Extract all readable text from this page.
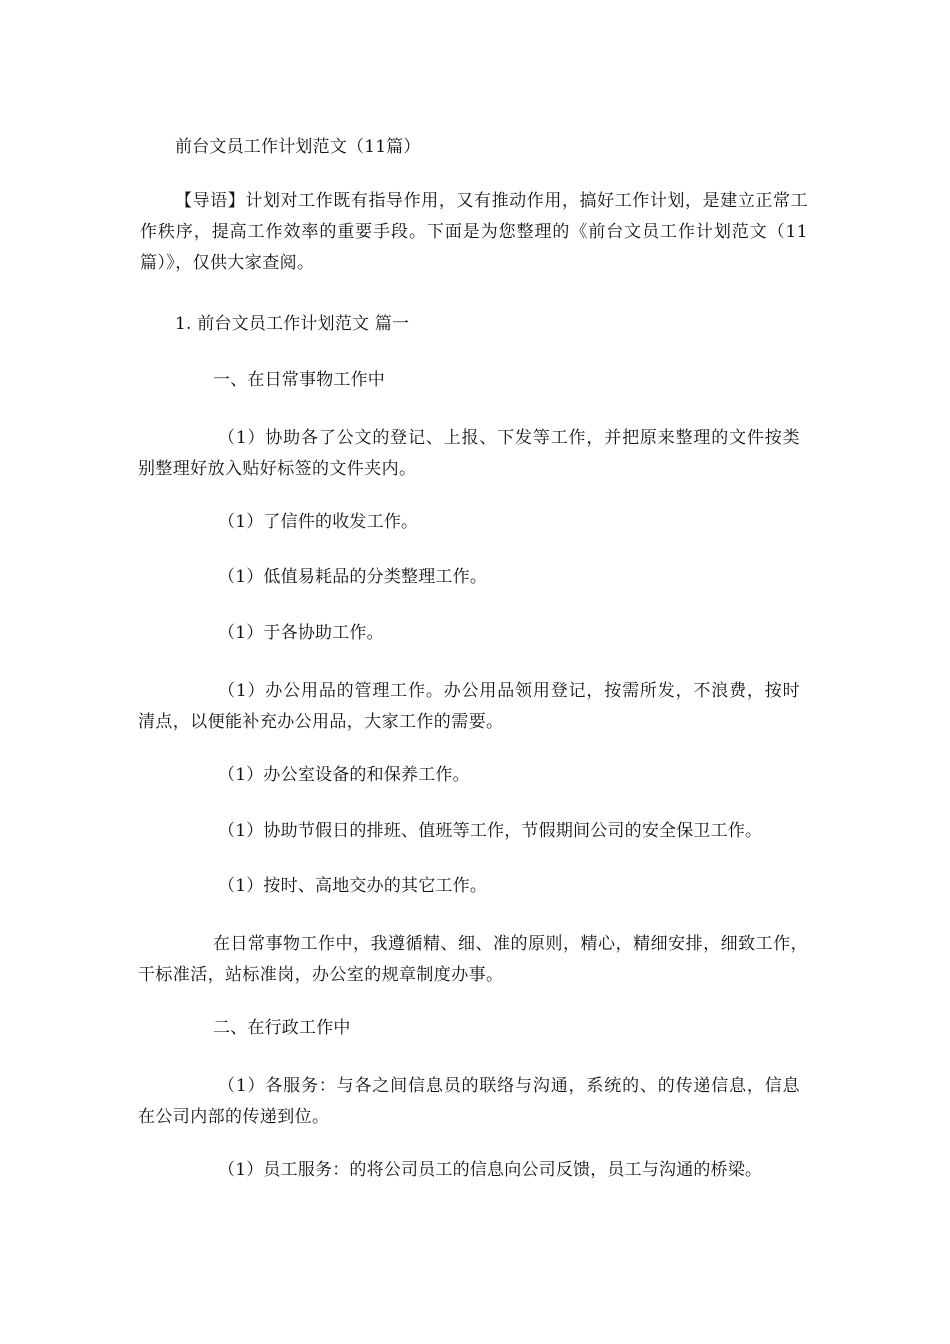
前台文员工作计划范文（11篇）
【导语】计划对工作既有指导作用，又有推动作用，搞好工作计划，是建立正常工作秩序，提高工作效率的重要手段。下面是为您整理的《前台文员工作计划范文（11篇）》，仅供大家查阅。
1. 前台文员工作计划范文 篇一
一、在日常事物工作中
（1）协助各了公文的登记、上报、下发等工作，并把原来整理的文件按类别整理好放入贴好标签的文件夹内。
（1）了信件的收发工作。
（1）低值易耗品的分类整理工作。
（1）于各协助工作。
（1）办公用品的管理工作。办公用品领用登记，按需所发，不浪费，按时清点，以便能补充办公用品，大家工作的需要。
（1）办公室设备的和保养工作。
（1）协助节假日的排班、值班等工作，节假期间公司的安全保卫工作。
（1）按时、高地交办的其它工作。
在日常事物工作中，我遵循精、细、准的原则，精心，精细安排，细致工作，干标准活，站标准岗，办公室的规章制度办事。
二、在行政工作中
（1）各服务：与各之间信息员的联络与沟通，系统的、的传递信息，信息在公司内部的传递到位。
（1）员工服务：的将公司员工的信息向公司反馈，员工与沟通的桥梁。
